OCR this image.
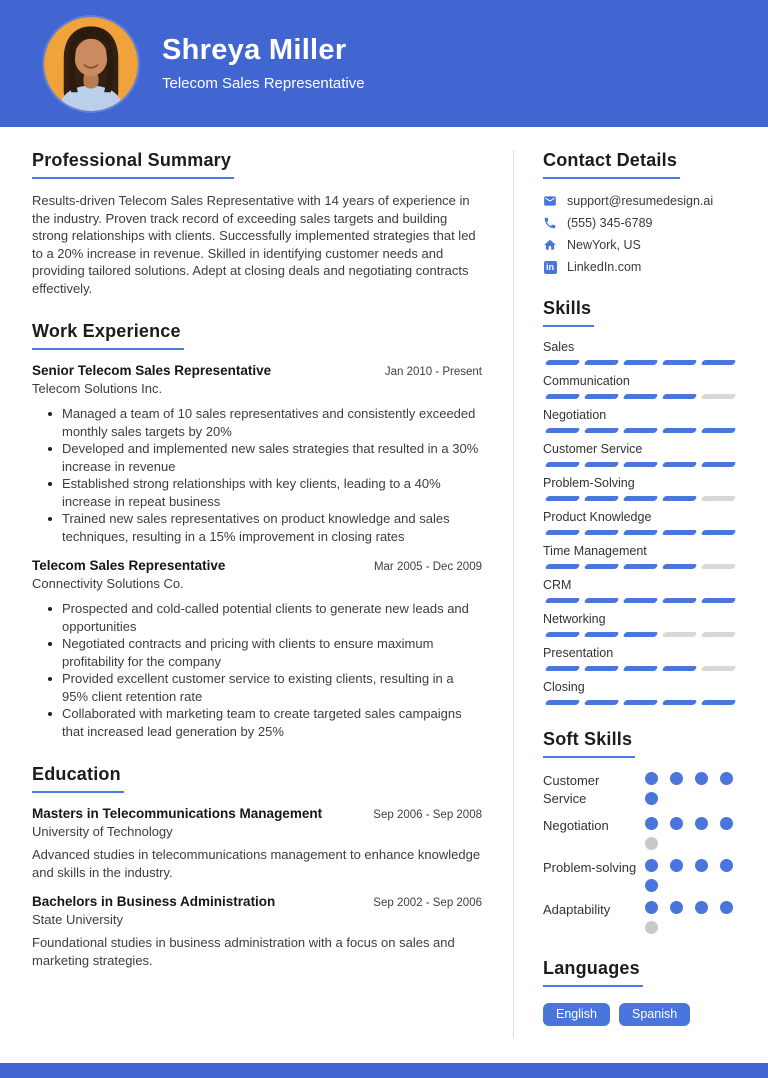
Shreya Miller
Telecom Sales Representative
Professional Summary

Results-driven Telecom Sales Representative with 14 years of experience in the industry. Proven track record of exceeding sales targets and building strong relationships with clients. Successfully implemented strategies that led to a 20% increase in revenue. Skilled in identifying customer needs and providing tailored solutions. Adept at closing deals and negotiating contracts effectively.

Work Experience
Senior Telecom Sales Representative	Jan 2010 - Present
Telecom Solutions Inc.
Managed a team of 10 sales representatives and consistently exceeded monthly sales targets by 20%
Developed and implemented new sales strategies that resulted in a 30% increase in revenue
Established strong relationships with key clients, leading to a 40% increase in repeat business
Trained new sales representatives on product knowledge and sales techniques, resulting in a 15% improvement in closing rates
Telecom Sales Representative	Mar 2005 - Dec 2009
Connectivity Solutions Co.
Prospected and cold-called potential clients to generate new leads and opportunities
Negotiated contracts and pricing with clients to ensure maximum profitability for the company
Provided excellent customer service to existing clients, resulting in a 95% client retention rate
Collaborated with marketing team to create targeted sales campaigns that increased lead generation by 25%
Education
Masters in Telecommunications Management	Sep 2006 - Sep 2008
University of Technology

Advanced studies in telecommunications management to enhance knowledge and skills in the industry.

Bachelors in Business Administration	Sep 2002 - Sep 2006
State University

Foundational studies in business administration with a focus on sales and marketing strategies.

Contact Details
support@resumedesign.ai
(555) 345-6789
NewYork, US
in LinkedIn.com
Skills
Sales
Communication
Negotiation
Customer Service
Problem-Solving
Product Knowledge
Time Management
CRM
Networking
Presentation
Closing
Soft Skills
Customer Service
Negotiation
Problem-solving
Adaptability
Languages
English	Spanish
